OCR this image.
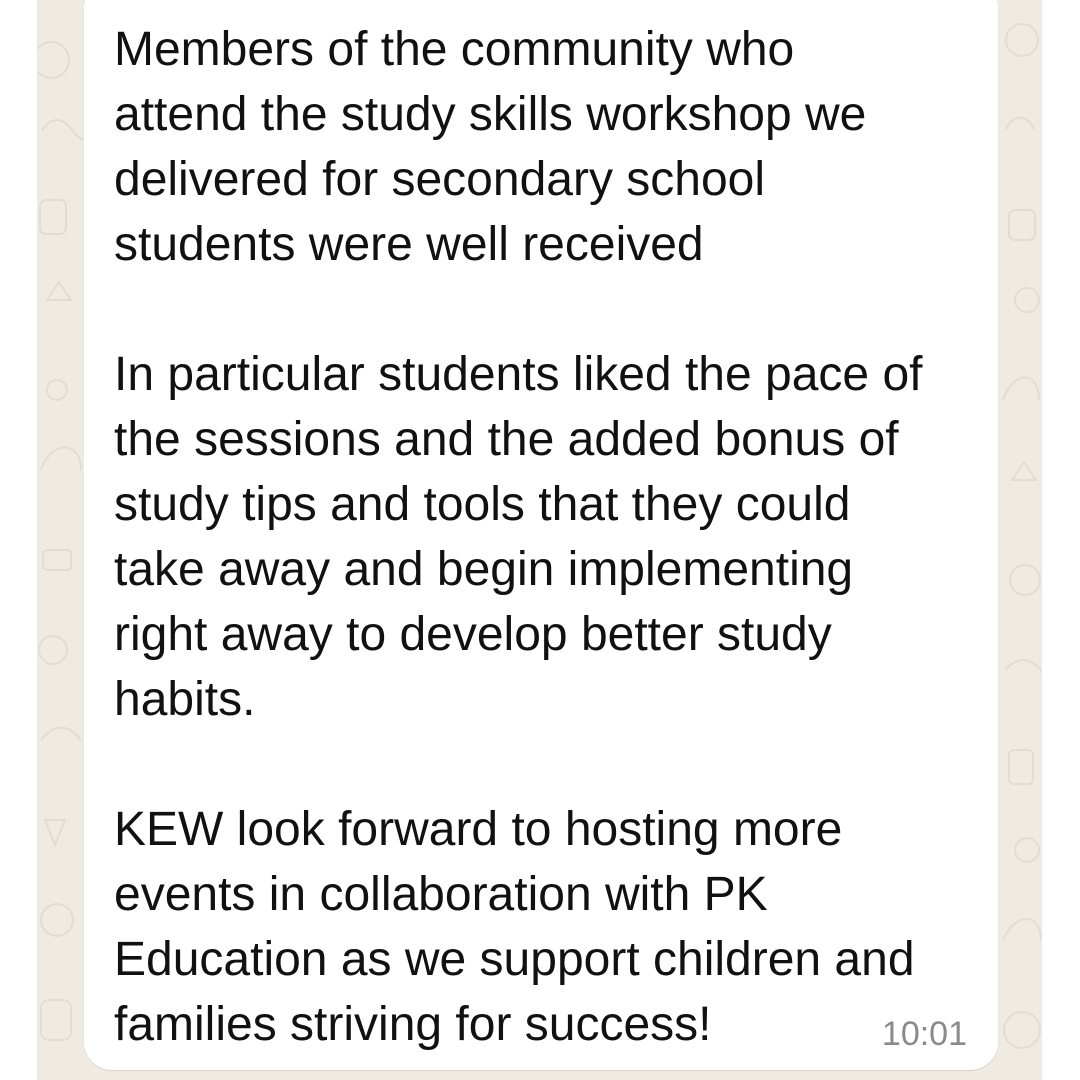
Members of the community who
attend the study skills workshop we
delivered for secondary school
students were well received

In particular students liked the pace of
the sessions and the added bonus of
study tips and tools that they could
take away and begin implementing
right away to develop better study
habits.

KEW look forward to hosting more
events in collaboration with PK
Education as we support children and
families striving for success!	10:01
